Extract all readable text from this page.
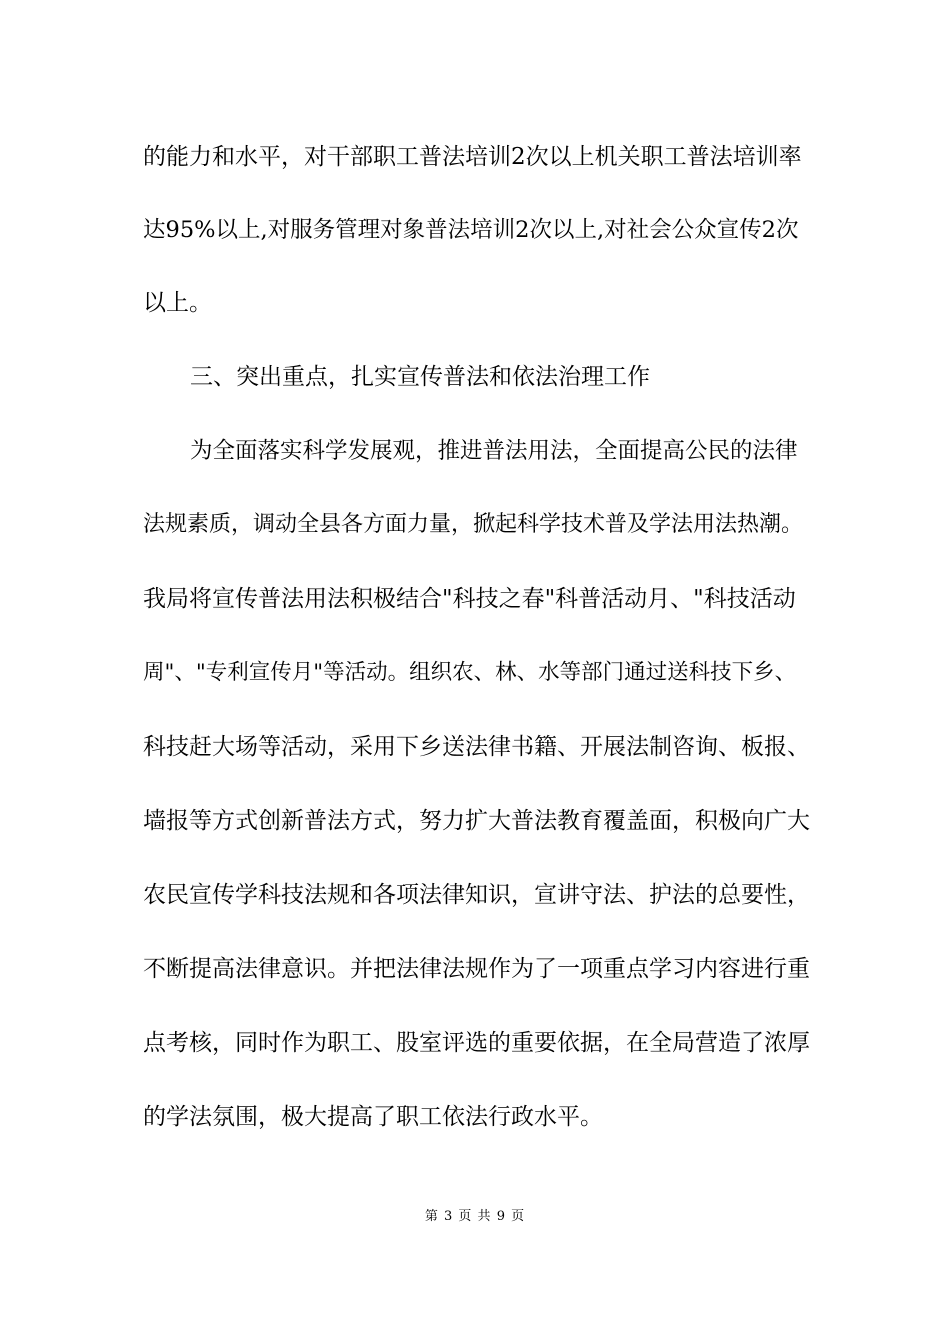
的能力和水平，对干部职工普法培训2次以上机关职工普法培训率
达95%以上,对服务管理对象普法培训2次以上,对社会公众宣传2次
以上。
三、突出重点，扎实宣传普法和依法治理工作
为全面落实科学发展观，推进普法用法，全面提高公民的法律
法规素质，调动全县各方面力量，掀起科学技术普及学法用法热潮。
我局将宣传普法用法积极结合"科技之春"科普活动月、"科技活动
周"、"专利宣传月"等活动。组织农、林、水等部门通过送科技下乡、
科技赶大场等活动，采用下乡送法律书籍、开展法制咨询、板报、
墙报等方式创新普法方式，努力扩大普法教育覆盖面，积极向广大
农民宣传学科技法规和各项法律知识，宣讲守法、护法的总要性，
不断提高法律意识。并把法律法规作为了一项重点学习内容进行重
点考核，同时作为职工、股室评选的重要依据，在全局营造了浓厚
的学法氛围，极大提高了职工依法行政水平。
第 3 页 共 9 页
